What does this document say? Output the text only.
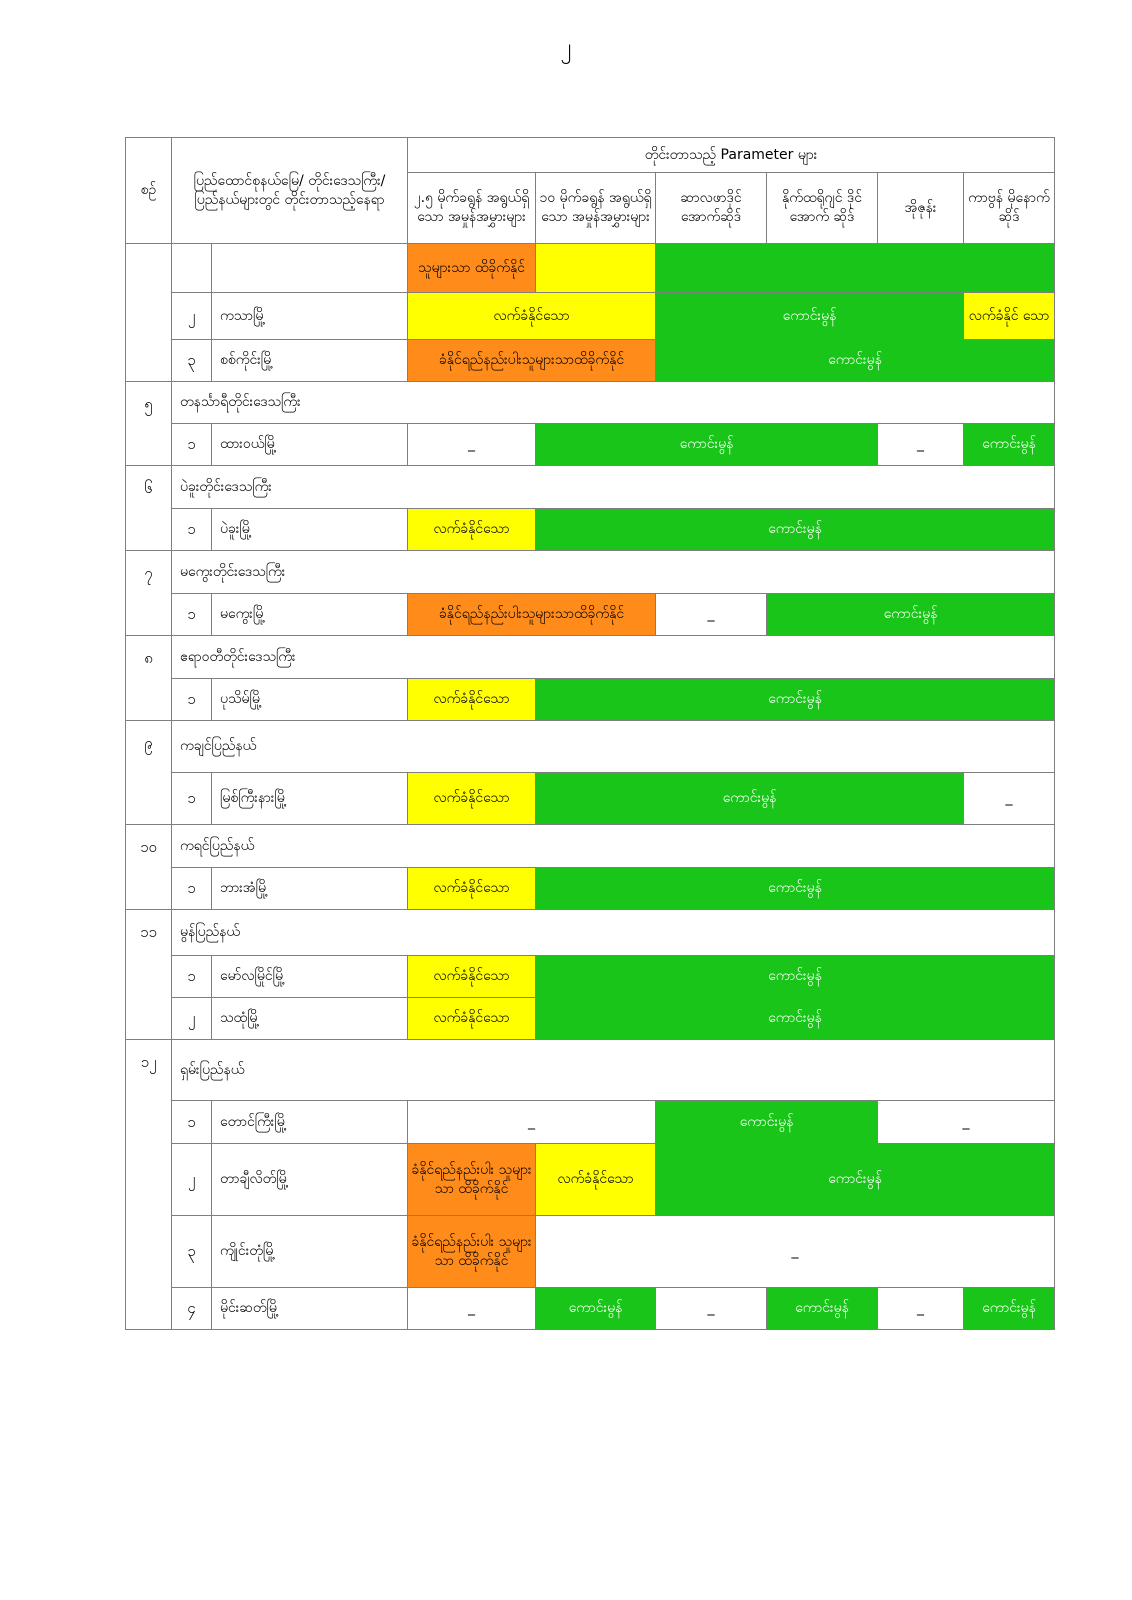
၂
စဉ်	ပြည်ထောင်စုနယ်မြေ/ တိုင်းဒေသကြီး/ပြည်နယ်များတွင် တိုင်းတာသည့်နေရာ		တိုင်းတာသည့် Parameter များ					
			၂.၅ မိုက်ခရွန် အရွယ်ရှိသော အမှုန်အမွှားများ	၁၀ မိုက်ခရွန် အရွယ်ရှိသော အမှုန်အမွှားများ	ဆာလဖာဒိုင် အောက်ဆိုဒ်	နိုက်ထရိုဂျင် ဒိုင်အောက် ဆိုဒ်	အိုဇုန်း	ကာဗွန် မိုနောက် ဆိုဒ်
			သူများသာ ထိခိုက်နိုင်					
	၂	ကသာမြို့	လက်ခံနိုင်သော		ကောင်းမွန်			လက်ခံနိုင် သော
	၃	စစ်ကိုင်းမြို့	ခံနိုင်ရည်နည်းပါးသူများသာထိခိုက်နိုင်		ကောင်းမွန်			
၅	တနင်္သာရီတိုင်းဒေသကြီး							
	၁	ထားဝယ်မြို့	_	ကောင်းမွန်			_	ကောင်းမွန်
၆	ပဲခူးတိုင်းဒေသကြီး							
	၁	ပဲခူးမြို့	လက်ခံနိုင်သော	ကောင်းမွန်				
၇	မကွေးတိုင်းဒေသကြီး							
	၁	မကွေးမြို့	ခံနိုင်ရည်နည်းပါးသူများသာထိခိုက်နိုင်		_	ကောင်းမွန်		
၈	ဧရာဝတီတိုင်းဒေသကြီး							
	၁	ပုသိမ်မြို့	လက်ခံနိုင်သော	ကောင်းမွန်				
၉	ကချင်ပြည်နယ်							
	၁	မြစ်ကြီးနားမြို့	လက်ခံနိုင်သော	ကောင်းမွန်				_
၁၀	ကရင်ပြည်နယ်							
	၁	ဘားအံမြို့	လက်ခံနိုင်သော	ကောင်းမွန်				
၁၁	မွန်ပြည်နယ်							
	၁	မော်လမြိုင်မြို့	လက်ခံနိုင်သော	ကောင်းမွန်				
	၂	သထုံမြို့	လက်ခံနိုင်သော	ကောင်းမွန်				
၁၂	ရှမ်းပြည်နယ်							
	၁	တောင်ကြီးမြို့	_		ကောင်းမွန်		_	
	၂	တာချီလိတ်မြို့	ခံနိုင်ရည်နည်းပါး သူများသာ ထိခိုက်နိုင်	လက်ခံနိုင်သော	ကောင်းမွန်			
	၃	ကျိုင်းတုံမြို့	ခံနိုင်ရည်နည်းပါး သူများသာ ထိခိုက်နိုင်	_				
	၄	မိုင်းဆတ်မြို့	_	ကောင်းမွန်	_	ကောင်းမွန်	_	ကောင်းမွန်
